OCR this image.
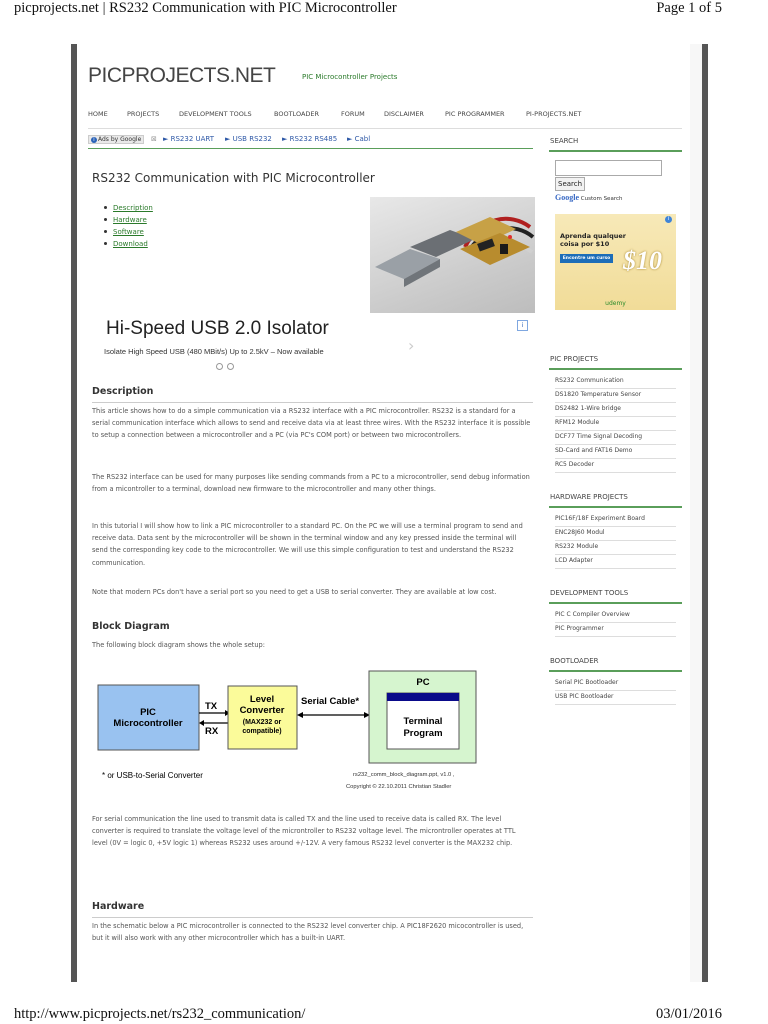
picprojects.net | RS232 Communication with PIC Microcontroller	Page 1 of 5
PICPROJECTS.NET	PIC Microcontroller Projects
HOME	PROJECTS	DEVELOPMENT TOOLS	BOOTLOADER	FORUM	DISCLAIMER	PIC PROGRAMMER	PI-PROJECTS.NET
i Ads by Google	⊠ ► RS232 UART ► USB RS232 ► RS232 RS485 ► Cabl
RS232 Communication with PIC Microcontroller
Description
Hardware
Software
Download
Hi-Speed USB 2.0 Isolator
Isolate High Speed USB (480 MBit/s) Up to 2.5kV – Now available
i
›
Description
This article shows how to do a simple communication via a RS232 interface with a PIC microcontroller. RS232 is a standard for a serial communication interface which allows to send and receive data via at least three wires. With the RS232 interface it is possible to setup a connection between a microcontroller and a PC (via PC's COM port) or between two microcontrollers.
The RS232 interface can be used for many purposes like sending commands from a PC to a microcontroller, send debug information from a micontroller to a terminal, download new firmware to the microcontroller and many other things.
In this tutorial I will show how to link a PIC microcontroller to a standard PC. On the PC we will use a terminal program to send and receive data. Data sent by the microcontroller will be shown in the terminal window and any key pressed inside the terminal will send the corresponding key code to the microcontroller. We will use this simple configuration to test and understand the RS232 communication.
Note that modern PCs don't have a serial port so you need to get a USB to serial converter. They are available at low cost.
Block Diagram
The following block diagram shows the whole setup:
PIC
Microcontroller
TX
RX
Level
Converter
(MAX232 or
compatible)
Serial Cable*
PC
Terminal
Program
* or USB-to-Serial Converter	rs232_comm_block_diagram.ppt, v1.0 ,
Copyright © 22.10.2011 Christian Stadler
For serial communication the line used to transmit data is called TX and the line used to receive data is called RX. The level converter is required to translate the voltage level of the microntroller to RS232 voltage level. The microntroller operates at TTL level (0V = logic 0, +5V logic 1) whereas RS232 uses around +/-12V. A very famous RS232 level converter is the MAX232 chip.
Hardware
In the schematic below a PIC microcontroller is connected to the RS232 level converter chip. A PIC18F2620 micocontroller is used, but it will also work with any other microcontroller which has a built-in UART.
SEARCH
Search
Google Custom Search
i
Aprenda qualquer
coisa por $10
Encontre um curso $10
udemy
PIC PROJECTS
RS232 Communication
DS1820 Temperature Sensor
DS2482 1-Wire bridge
RFM12 Module
DCF77 Time Signal Decoding
SD-Card and FAT16 Demo
RC5 Decoder
HARDWARE PROJECTS
PIC16F/18F Experiment Board
ENC28J60 Modul
RS232 Module
LCD Adapter
DEVELOPMENT TOOLS
PIC C Compiler Overview
PIC Programmer
BOOTLOADER
Serial PIC Bootloader
USB PIC Bootloader
http://www.picprojects.net/rs232_communication/	03/01/2016
